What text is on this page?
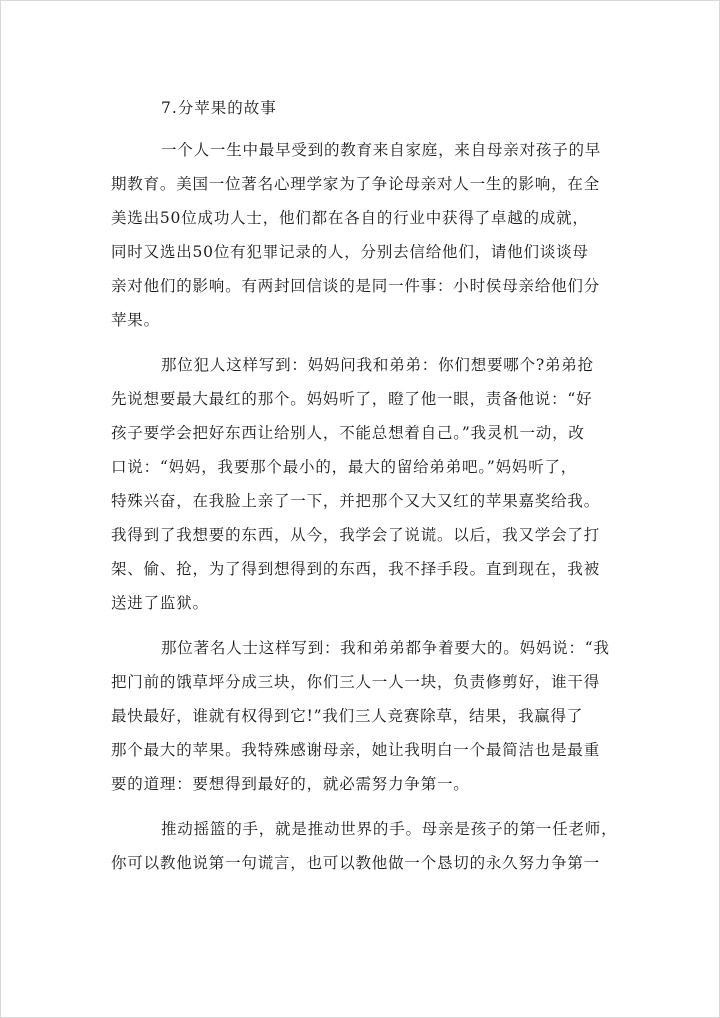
7.分苹果的故事

一个人一生中最早受到的教育来自家庭，来自母亲对孩子的早
期教育。美国一位著名心理学家为了争论母亲对人一生的影响，在全
美选出50位成功人士，他们都在各自的行业中获得了卓越的成就，
同时又选出50位有犯罪记录的人，分别去信给他们，请他们谈谈母
亲对他们的影响。有两封回信谈的是同一件事：小时侯母亲给他们分
苹果。

那位犯人这样写到：妈妈问我和弟弟：你们想要哪个?弟弟抢
先说想要最大最红的那个。妈妈听了，瞪了他一眼，责备他说：“好
孩子要学会把好东西让给别人，不能总想着自己。”我灵机一动，改
口说：“妈妈，我要那个最小的，最大的留给弟弟吧。”妈妈听了，
特殊兴奋，在我脸上亲了一下，并把那个又大又红的苹果嘉奖给我。
我得到了我想要的东西，从今，我学会了说谎。以后，我又学会了打
架、偷、抢，为了得到想得到的东西，我不择手段。直到现在，我被
送进了监狱。

那位著名人士这样写到：我和弟弟都争着要大的。妈妈说：“我
把门前的饿草坪分成三块，你们三人一人一块，负责修剪好，谁干得
最快最好，谁就有权得到它!”我们三人竞赛除草，结果，我赢得了
那个最大的苹果。我特殊感谢母亲，她让我明白一个最简洁也是最重
要的道理：要想得到最好的，就必需努力争第一。

推动摇篮的手，就是推动世界的手。母亲是孩子的第一任老师，
你可以教他说第一句谎言，也可以教他做一个恳切的永久努力争第一
